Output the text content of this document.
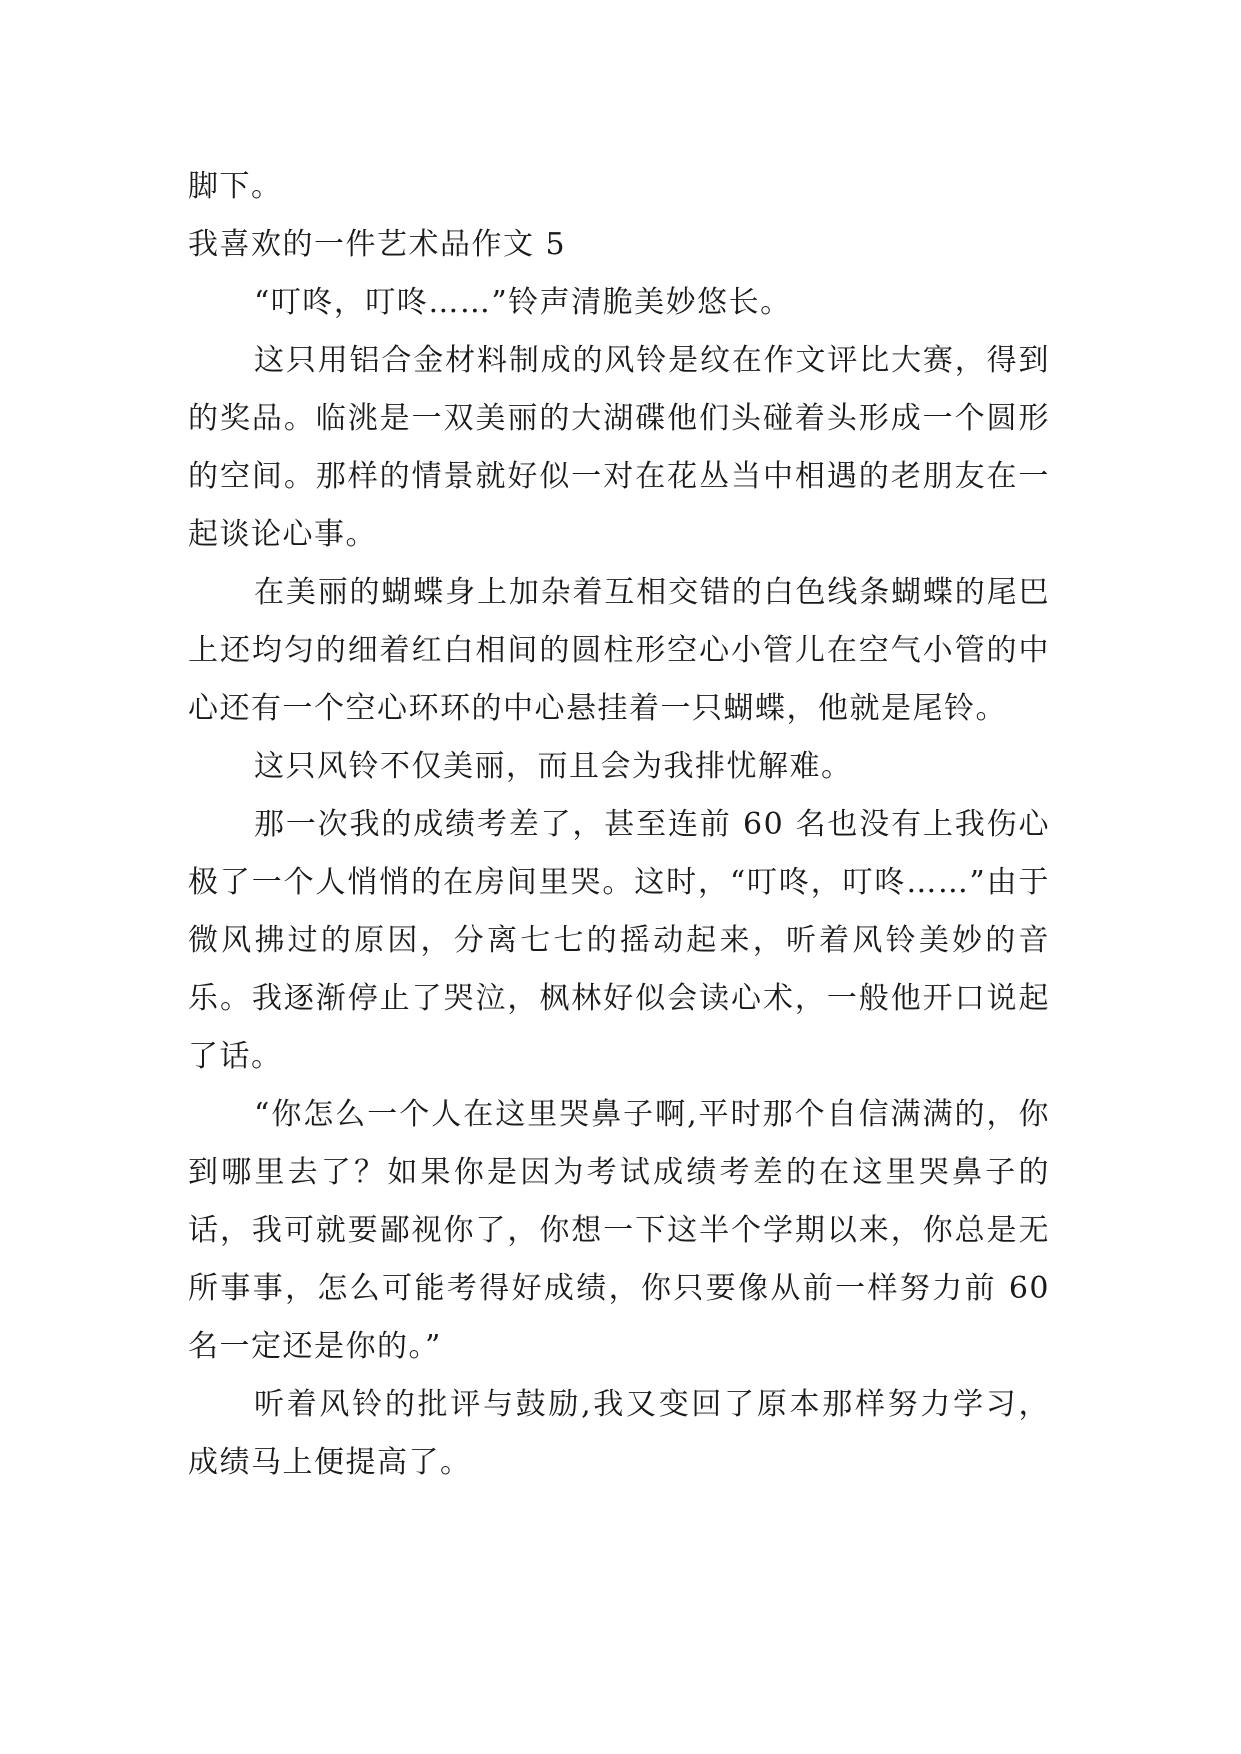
脚下。

我喜欢的一件艺术品作文 5

“叮咚，叮咚……”铃声清脆美妙悠长。

这只用铝合金材料制成的风铃是纹在作文评比大赛，得到的奖品。临洮是一双美丽的大湖碟他们头碰着头形成一个圆形的空间。那样的情景就好似一对在花丛当中相遇的老朋友在一起谈论心事。

在美丽的蝴蝶身上加杂着互相交错的白色线条蝴蝶的尾巴上还均匀的细着红白相间的圆柱形空心小管儿在空气小管的中心还有一个空心环环的中心悬挂着一只蝴蝶，他就是尾铃。

这只风铃不仅美丽，而且会为我排忧解难。

那一次我的成绩考差了，甚至连前 60 名也没有上我伤心极了一个人悄悄的在房间里哭。这时，“叮咚，叮咚……”由于微风拂过的原因，分离七七的摇动起来，听着风铃美妙的音乐。我逐渐停止了哭泣，枫林好似会读心术，一般他开口说起了话。

“你怎么一个人在这里哭鼻子啊,平时那个自信满满的，你到哪里去了？如果你是因为考试成绩考差的在这里哭鼻子的话，我可就要鄙视你了，你想一下这半个学期以来，你总是无所事事，怎么可能考得好成绩，你只要像从前一样努力前 60 名一定还是你的。”

听着风铃的批评与鼓励,我又变回了原本那样努力学习，成绩马上便提高了。
